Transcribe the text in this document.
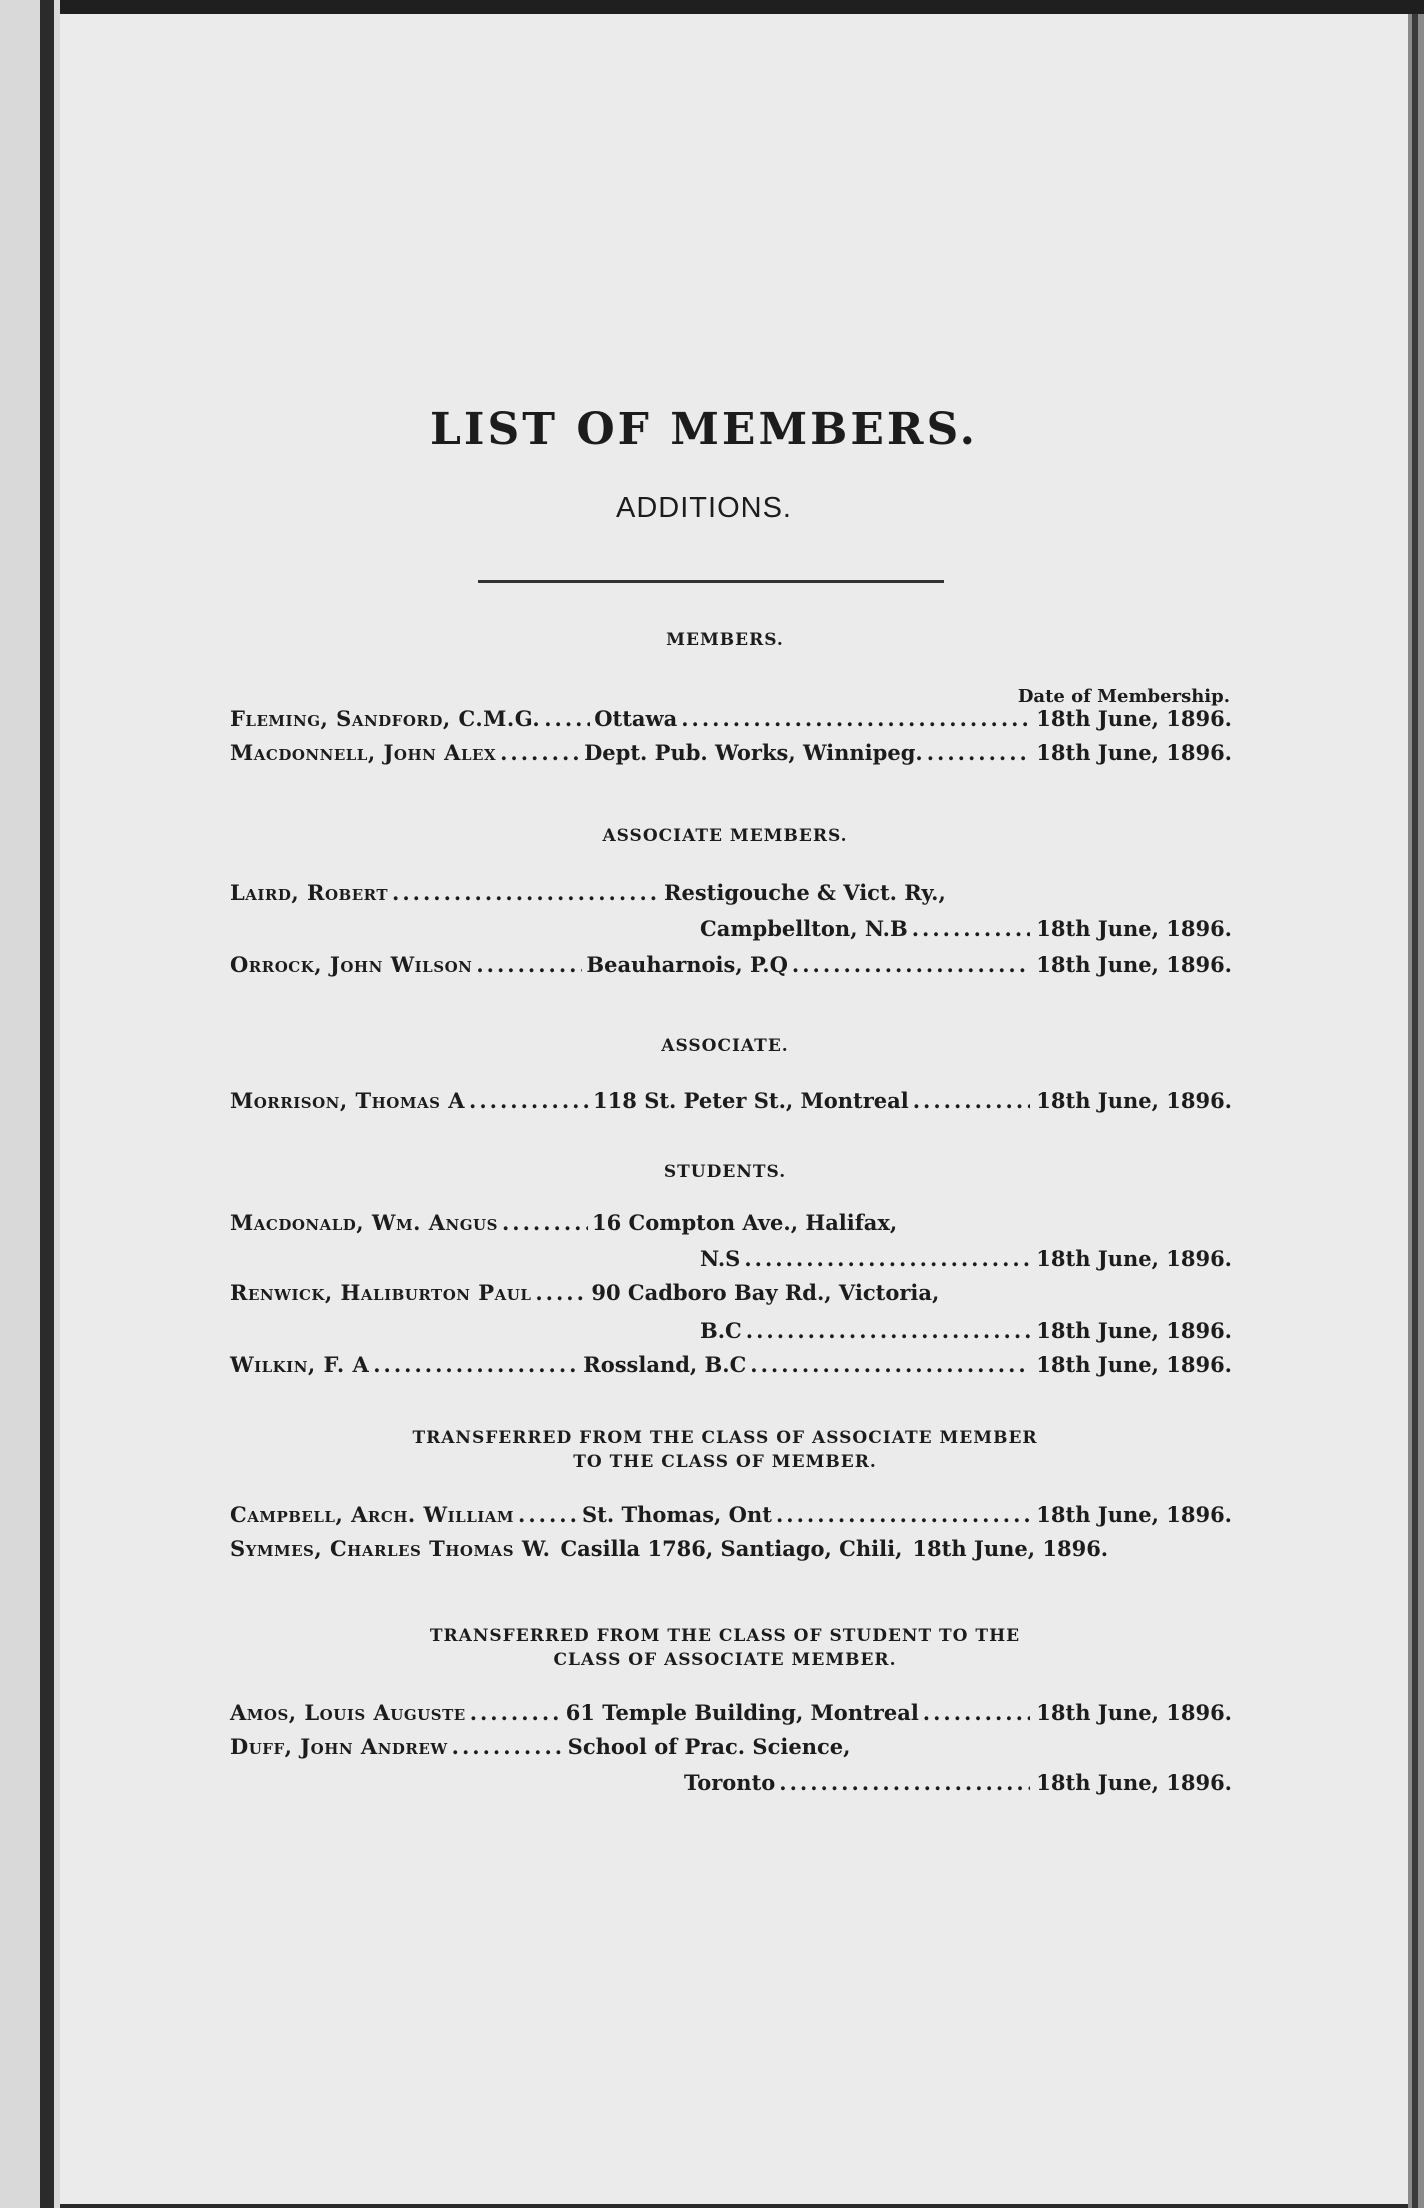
LIST OF MEMBERS.
ADDITIONS.
MEMBERS.
Date of Membership.
Fleming, Sandford, C.M.G. .....	Ottawa .....	18th June, 1896.
Macdonnell, John Alex .....	Dept. Pub. Works, Winnipeg. .....	18th June, 1896.
ASSOCIATE MEMBERS.
Laird, Robert .....	Restigouche & Vict. Ry.,
Campbellton, N.B .....	18th June, 1896.
Orrock, John Wilson .....	Beauharnois, P.Q .....	18th June, 1896.
ASSOCIATE.
Morrison, Thomas A .....	118 St. Peter St., Montreal .....	18th June, 1896.
STUDENTS.
Macdonald, Wm. Angus .....	16 Compton Ave., Halifax,
N.S .....	18th June, 1896.
Renwick, Haliburton Paul .....	90 Cadboro Bay Rd., Victoria,
B.C .....	18th June, 1896.
Wilkin, F. A .....	Rossland, B.C .....	18th June, 1896.
TRANSFERRED FROM THE CLASS OF ASSOCIATE MEMBER
TO THE CLASS OF MEMBER.
Campbell, Arch. William .....	St. Thomas, Ont .....	18th June, 1896.
Symmes, Charles Thomas W. Casilla 1786, Santiago, Chili, 18th June, 1896.
TRANSFERRED FROM THE CLASS OF STUDENT TO THE
CLASS OF ASSOCIATE MEMBER.
Amos, Louis Auguste .....	61 Temple Building, Montreal .....	18th June, 1896.
Duff, John Andrew .....	School of Prac. Science,
Toronto .....	18th June, 1896.
